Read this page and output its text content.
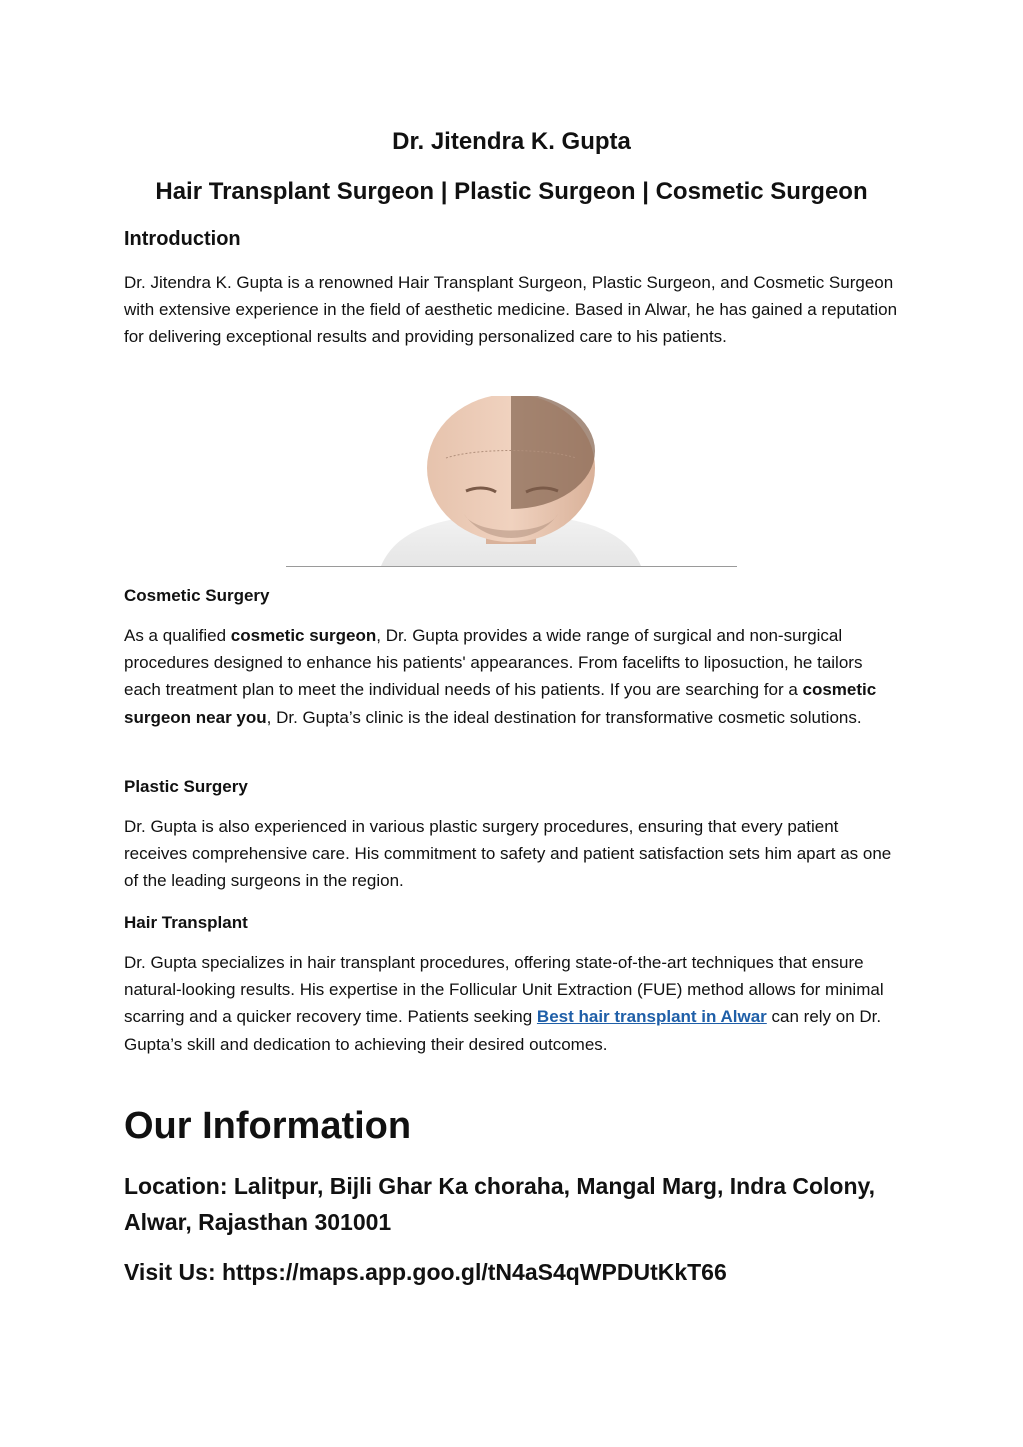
Dr. Jitendra K. Gupta
Hair Transplant Surgeon | Plastic Surgeon | Cosmetic Surgeon
Introduction

Dr. Jitendra K. Gupta is a renowned Hair Transplant Surgeon, Plastic Surgeon, and Cosmetic Surgeon with extensive experience in the field of aesthetic medicine. Based in Alwar, he has gained a reputation for delivering exceptional results and providing personalized care to his patients.

Cosmetic Surgery

As a qualified cosmetic surgeon, Dr. Gupta provides a wide range of surgical and non-surgical procedures designed to enhance his patients' appearances. From facelifts to liposuction, he tailors each treatment plan to meet the individual needs of his patients. If you are searching for a cosmetic surgeon near you, Dr. Gupta’s clinic is the ideal destination for transformative cosmetic solutions.

Plastic Surgery

Dr. Gupta is also experienced in various plastic surgery procedures, ensuring that every patient receives comprehensive care. His commitment to safety and patient satisfaction sets him apart as one of the leading surgeons in the region.

Hair Transplant

Dr. Gupta specializes in hair transplant procedures, offering state-of-the-art techniques that ensure natural-looking results. His expertise in the Follicular Unit Extraction (FUE) method allows for minimal scarring and a quicker recovery time. Patients seeking Best hair transplant in Alwar can rely on Dr. Gupta’s skill and dedication to achieving their desired outcomes.

Our Information

Location: Lalitpur, Bijli Ghar Ka choraha, Mangal Marg, Indra Colony, Alwar, Rajasthan 301001

Visit Us: https://maps.app.goo.gl/tN4aS4qWPDUtKkT66
